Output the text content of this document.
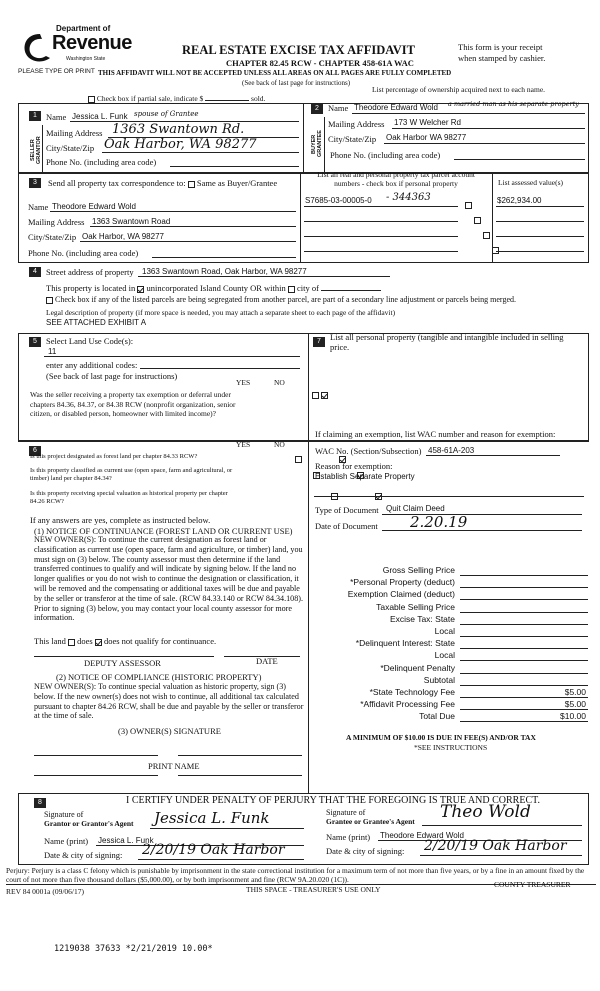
Department of
Revenue
Washington State
PLEASE TYPE OR PRINT
REAL ESTATE EXCISE TAX AFFIDAVIT
CHAPTER 82.45 RCW - CHAPTER 458-61A WAC
This form is your receipt
when stamped by cashier.
THIS AFFIDAVIT WILL NOT BE ACCEPTED UNLESS ALL AREAS ON ALL PAGES ARE FULLY COMPLETED
(See back of last page for instructions)
List percentage of ownership acquired next to each name.
Check box if partial sale, indicate $	sold.
1
SELLER GRANTOR
Name Jessica L. Funk spouse of Grantee
Mailing Address 1363 Swantown Rd.
City/State/Zip Oak Harbor, WA 98277
Phone No. (including area code)
2
BUYER GRANTEE
Name Theodore Edward Wold a married man as his separate property
Mailing Address 173 W Welcher Rd
City/State/Zip Oak Harbor WA 98277
Phone No. (including area code)
3	Send all property tax correspondence to: Same as Buyer/Grantee
Name Theodore Edward Wold
Mailing Address 1363 Swantown Road
City/State/Zip Oak Harbor, WA 98277
Phone No. (including area code)
List all real and personal property tax parcel account
numbers - check box if personal property	List assessed value(s)
S7685-03-00005-0 - 344363	$262,934.00

4	Street address of property 1363 Swantown Road, Oak Harbor, WA 98277
This property is located in unincorporated Island County OR within city of
Check box if any of the listed parcels are being segregated from another parcel, are part of a secondary line adjustment or parcels being merged.
Legal description of property (if more space is needed, you may attach a separate sheet to each page of the affidavit)
SEE ATTACHED EXHIBIT A
5	Select Land Use Code(s):
11
enter any additional codes:
(See back of last page for instructions)
YES	NO

Was the seller receiving a property tax exemption or deferral under chapters 84.36, 84.37, or 84.38 RCW (nonprofit organization, senior citizen, or disabled person, homeowner with limited income)?
7	List all personal property (tangible and intangible included in selling price.
If claiming an exemption, list WAC number and reason for exemption:
WAC No. (Section/Subsection) 458-61A-203
Reason for exemption:
Establish Separate Property
Type of Document Quit Claim Deed
Date of Document 2.20.19
6
YES	NO
Is this project designated as forest land per chapter 84.33 RCW?

Is this property classified as current use (open space, farm and agricultural, or timber) land per chapter 84.34?

Is this property receiving special valuation as historical property per chapter 84.26 RCW?

If any answers are yes, complete as instructed below.
(1) NOTICE OF CONTINUANCE (FOREST LAND OR CURRENT USE)
NEW OWNER(S): To continue the current designation as forest land or classification as current use (open space, farm and agriculture, or timber) land, you must sign on (3) below. The county assessor must then determine if the land transferred continues to qualify and will indicate by signing below. If the land no longer qualifies or you do not wish to continue the designation or classification, it will be removed and the compensating or additional taxes will be due and payable by the seller or transferor at the time of sale. (RCW 84.33.140 or RCW 84.34.108). Prior to signing (3) below, you may contact your local county assessor for more information.
This land does does not qualify for continuance.
DEPUTY ASSESSOR	DATE
(2) NOTICE OF COMPLIANCE (HISTORIC PROPERTY)
NEW OWNER(S): To continue special valuation as historic property, sign (3) below. If the new owner(s) does not wish to continue, all additional tax calculated pursuant to chapter 84.26 RCW, shall be due and payable by the seller or transferor at the time of sale.
(3) OWNER(S) SIGNATURE
PRINT NAME
Gross Selling Price
*Personal Property (deduct)
Exemption Claimed (deduct)
Taxable Selling Price
Excise Tax: State
Local
*Delinquent Interest: State
Local
*Delinquent Penalty
Subtotal
*State Technology Fee	$5.00
*Affidavit Processing Fee	$5.00
Total Due	$10.00
A MINIMUM OF $10.00 IS DUE IN FEE(S) AND/OR TAX
*SEE INSTRUCTIONS
8	I CERTIFY UNDER PENALTY OF PERJURY THAT THE FOREGOING IS TRUE AND CORRECT.
Signature of
Grantor or Grantor's Agent Jessica L. Funk
Name (print) Jessica L. Funk
Date & city of signing: 2/20/19 Oak Harbor
Signature of
Grantee or Grantee's Agent Theo Wold
Name (print) Theodore Edward Wold
Date & city of signing: 2/20/19 Oak Harbor
Perjury: Perjury is a class C felony which is punishable by imprisonment in the state correctional institution for a maximum term of not more than five years, or by a fine in an amount fixed by the court of not more than five thousand dollars ($5,000.00), or by both imprisonment and fine (RCW 9A.20.020 (1C)).
REV 84 0001a (09/06/17)	THIS SPACE - TREASURER'S USE ONLY
COUNTY TREASURER
1219038 37633 *2/21/2019 10.00*
